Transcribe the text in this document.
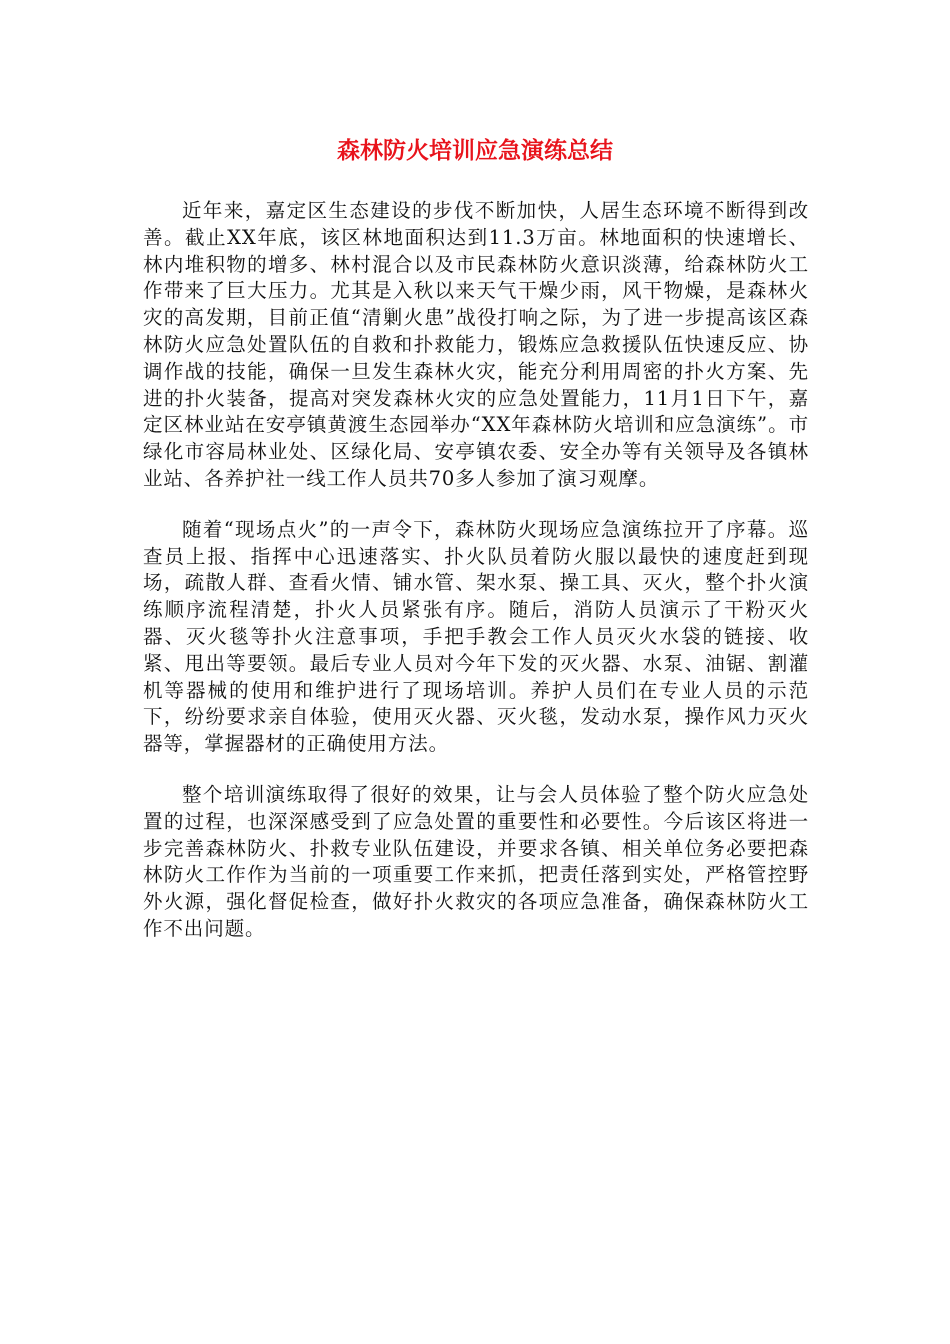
森林防火培训应急演练总结

近年来，嘉定区生态建设的步伐不断加快，人居生态环境不断得到改善。截止XX年底，该区林地面积达到11.3万亩。林地面积的快速增长、林内堆积物的增多、林村混合以及市民森林防火意识淡薄，给森林防火工作带来了巨大压力。尤其是入秋以来天气干燥少雨，风干物燥，是森林火灾的高发期，目前正值“清剿火患”战役打响之际，为了进一步提高该区森林防火应急处置队伍的自救和扑救能力，锻炼应急救援队伍快速反应、协调作战的技能，确保一旦发生森林火灾，能充分利用周密的扑火方案、先进的扑火装备，提高对突发森林火灾的应急处置能力，11月1日下午，嘉定区林业站在安亭镇黄渡生态园举办“XX年森林防火培训和应急演练”。市绿化市容局林业处、区绿化局、安亭镇农委、安全办等有关领导及各镇林业站、各养护社一线工作人员共70多人参加了演习观摩。

随着“现场点火”的一声令下，森林防火现场应急演练拉开了序幕。巡查员上报、指挥中心迅速落实、扑火队员着防火服以最快的速度赶到现场，疏散人群、查看火情、铺水管、架水泵、操工具、灭火，整个扑火演练顺序流程清楚，扑火人员紧张有序。随后，消防人员演示了干粉灭火器、灭火毯等扑火注意事项，手把手教会工作人员灭火水袋的链接、收紧、甩出等要领。最后专业人员对今年下发的灭火器、水泵、油锯、割灌机等器械的使用和维护进行了现场培训。养护人员们在专业人员的示范下，纷纷要求亲自体验，使用灭火器、灭火毯，发动水泵，操作风力灭火器等，掌握器材的正确使用方法。

整个培训演练取得了很好的效果，让与会人员体验了整个防火应急处置的过程，也深深感受到了应急处置的重要性和必要性。今后该区将进一步完善森林防火、扑救专业队伍建设，并要求各镇、相关单位务必要把森林防火工作作为当前的一项重要工作来抓，把责任落到实处，严格管控野外火源，强化督促检查，做好扑火救灾的各项应急准备，确保森林防火工作不出问题。
